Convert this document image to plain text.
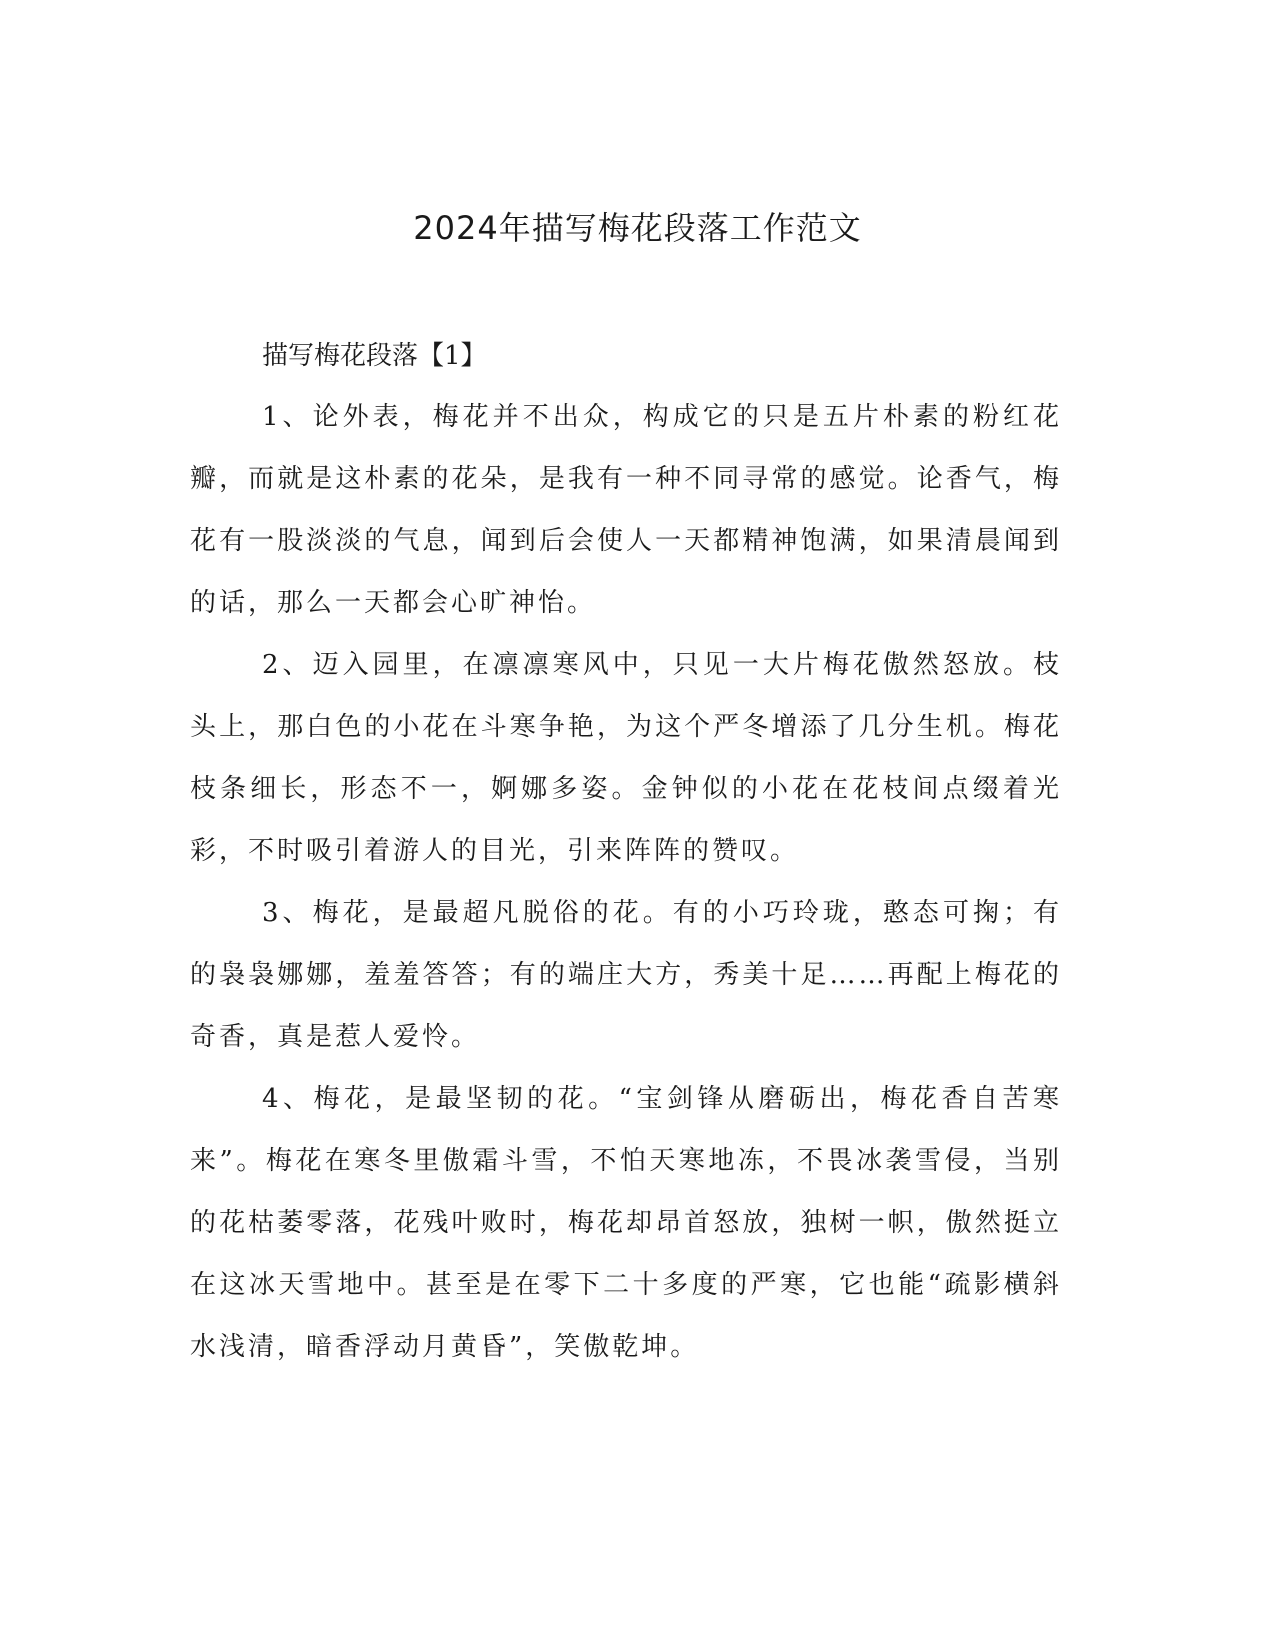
2024年描写梅花段落工作范文

描写梅花段落【1】

1、论外表，梅花并不出众，构成它的只是五片朴素的粉红花瓣，而就是这朴素的花朵，是我有一种不同寻常的感觉。论香气，梅花有一股淡淡的气息，闻到后会使人一天都精神饱满，如果清晨闻到的话，那么一天都会心旷神怡。

2、迈入园里，在凛凛寒风中，只见一大片梅花傲然怒放。枝头上，那白色的小花在斗寒争艳，为这个严冬增添了几分生机。梅花枝条细长，形态不一，婀娜多姿。金钟似的小花在花枝间点缀着光彩，不时吸引着游人的目光，引来阵阵的赞叹。

3、梅花，是最超凡脱俗的花。有的小巧玲珑，憨态可掬；有的袅袅娜娜，羞羞答答；有的端庄大方，秀美十足……再配上梅花的奇香，真是惹人爱怜。

4、梅花，是最坚韧的花。“宝剑锋从磨砺出，梅花香自苦寒来”。梅花在寒冬里傲霜斗雪，不怕天寒地冻，不畏冰袭雪侵，当别的花枯萎零落，花残叶败时，梅花却昂首怒放，独树一帜，傲然挺立在这冰天雪地中。甚至是在零下二十多度的严寒，它也能“疏影横斜水浅清，暗香浮动月黄昏”，笑傲乾坤。
